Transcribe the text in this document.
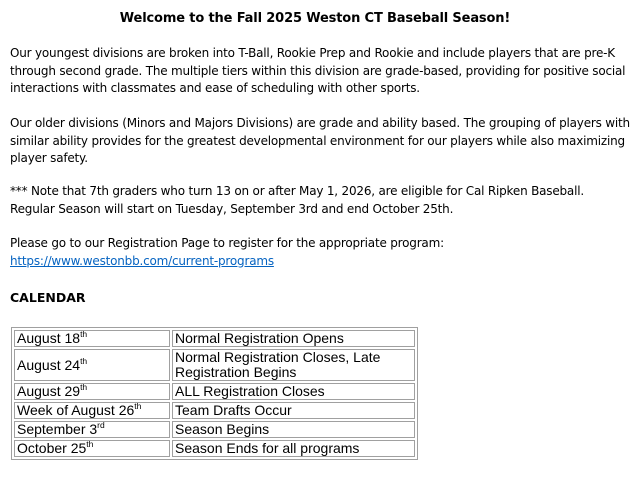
Welcome to the Fall 2025 Weston CT Baseball Season!

Our youngest divisions are broken into T-Ball, Rookie Prep and Rookie and include players that are pre-K
through second grade. The multiple tiers within this division are grade-based, providing for positive social
interactions with classmates and ease of scheduling with other sports.

Our older divisions (Minors and Majors Divisions) are grade and ability based. The grouping of players with
similar ability provides for the greatest developmental environment for our players while also maximizing
player safety.

*** Note that 7th graders who turn 13 on or after May 1, 2026, are eligible for Cal Ripken Baseball.
Regular Season will start on Tuesday, September 3rd and end October 25th.

Please go to our Registration Page to register for the appropriate program:
https://www.westonbb.com/current-programs

CALENDAR
August 18th	Normal Registration Opens
August 24th	Normal Registration Closes, Late Registration Begins
August 29th	ALL Registration Closes
Week of August 26th	Team Drafts Occur
September 3rd	Season Begins
October 25th	Season Ends for all programs
